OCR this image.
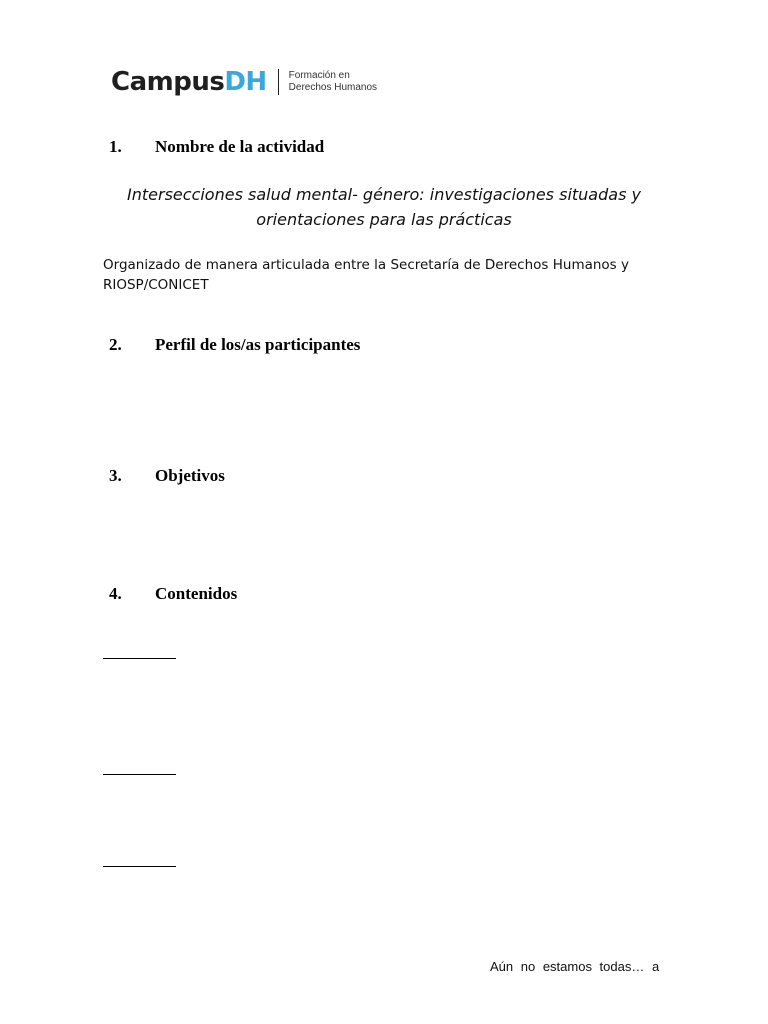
Campus DH Formación en
Derechos Humanos
1. Nombre de la actividad
Intersecciones salud mental- género: investigaciones situadas y
orientaciones para las prácticas
Organizado de manera articulada entre la Secretaría de Derechos Humanos y
RIOSP/CONICET
2. Perfil de los/as participantes
3. Objetivos
4. Contenidos
Aún no estamos todas… a
